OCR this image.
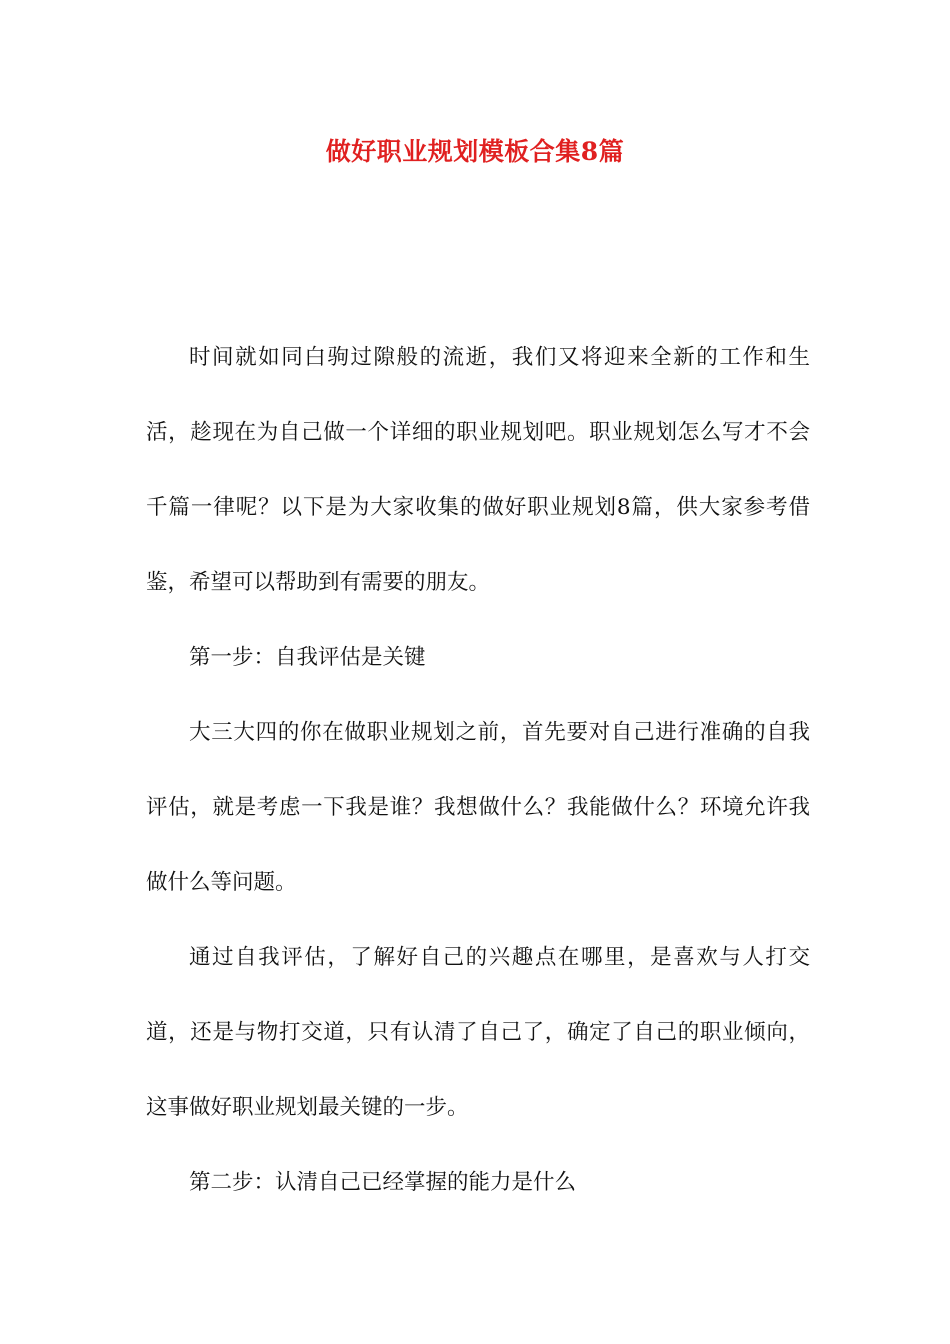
做好职业规划模板合集8篇

时间就如同白驹过隙般的流逝，我们又将迎来全新的工作和生活，趁现在为自己做一个详细的职业规划吧。职业规划怎么写才不会千篇一律呢？以下是为大家收集的做好职业规划8篇，供大家参考借鉴，希望可以帮助到有需要的朋友。

第一步：自我评估是关键

大三大四的你在做职业规划之前，首先要对自己进行准确的自我评估，就是考虑一下我是谁？我想做什么？我能做什么？环境允许我做什么等问题。

通过自我评估，了解好自己的兴趣点在哪里，是喜欢与人打交道，还是与物打交道，只有认清了自己了，确定了自己的职业倾向，这事做好职业规划最关键的一步。

第二步：认清自己已经掌握的能力是什么
